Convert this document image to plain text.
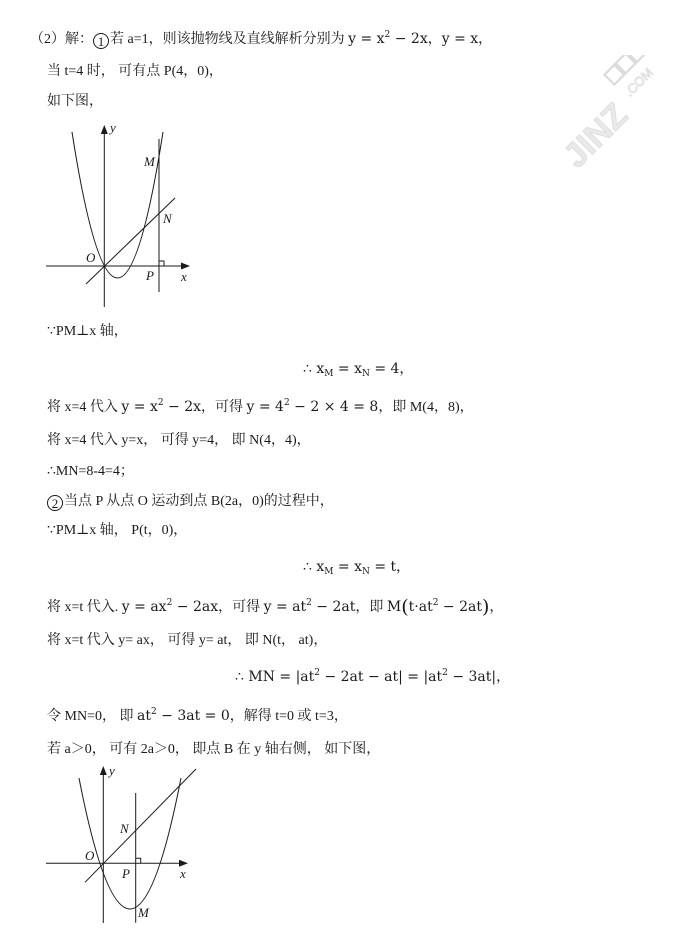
（2）解： 1 若 a=1，则该抛物线及直线解析分别为 $y = x^2 - 2x$，y = x，
当 t=4 时， 可有点 P(4，0)，
如下图，
y
x
O
M
N
P
JINZ
.COM
∵PM⊥x 轴，
∴ $x_M = x_N = 4$，
将 x=4 代入 $y = x^2 - 2x$，可得 $y = 4^2 - 2 \times 4 = 8$，即 M(4，8)，
将 x=4 代入 y=x， 可得 y=4， 即 N(4，4)，
∴MN=8-4=4；
2 当点 P 从点 O 运动到点 B(2a，0)的过程中，
∵PM⊥x 轴， P(t，0)，
∴ $x_M = x_N = t$，
将 x=t 代入. $y = ax^2 - 2ax$，可得 $y = at^2 - 2at$，即 $M(t\cdot at^2 - 2at)$，
将 x=t 代入 y= ax， 可得 y= at， 即 N(t， at)，
∴ MN = $|at^2 - 2at - at| = |at^2 - 3at|$，
令 MN=0， 即 $at^2 - 3at = 0$，解得 t=0 或 t=3，
若 a＞0， 可有 2a＞0， 即点 B 在 y 轴右侧， 如下图，
y
x
O
M
N
P
